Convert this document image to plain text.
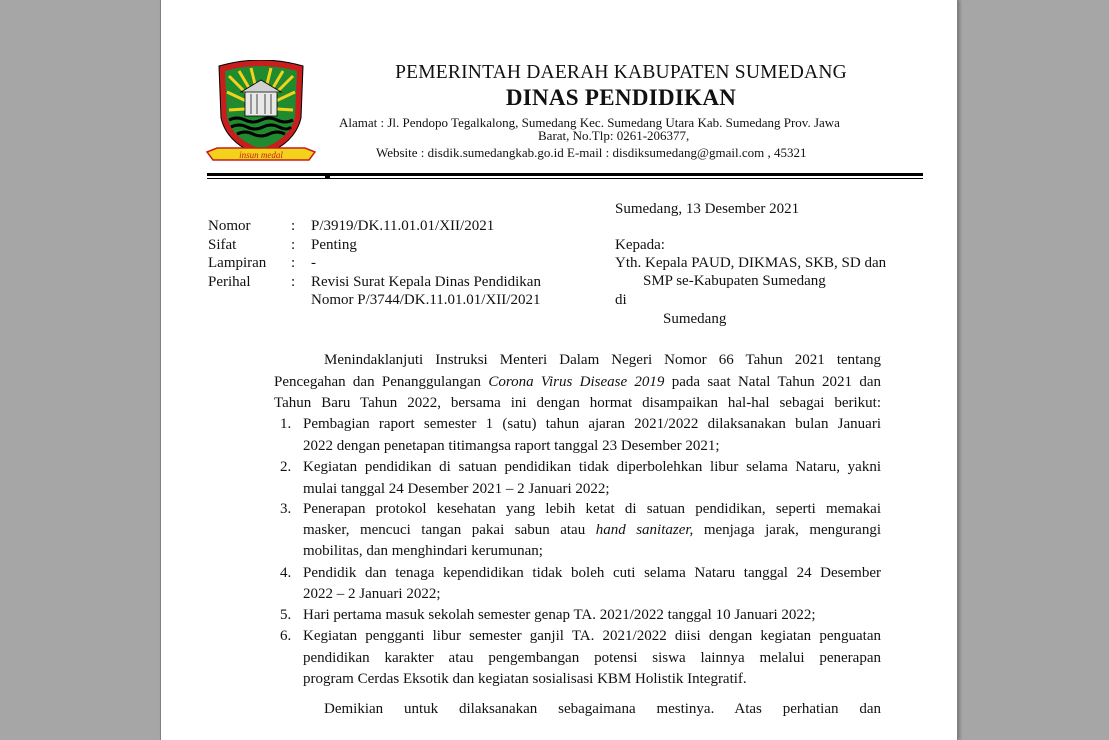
insun medal
PEMERINTAH DAERAH KABUPATEN SUMEDANG
DINAS PENDIDIKAN
Alamat : Jl. Pendopo Tegalkalong, Sumedang Kec. Sumedang Utara Kab. Sumedang Prov. Jawa
Barat, No.Tlp: 0261-206377,
Website : disdik.sumedangkab.go.id E-mail : disdiksumedang@gmail.com , 45321
Sumedang, 13 Desember 2021
Nomor	: P/3919/DK.11.01.01/XII/2021
Sifat	: Penting
Lampiran : -
Perihal	: Revisi Surat Kepala Dinas Pendidikan
Nomor P/3744/DK.11.01.01/XII/2021
Kepada:
Yth. Kepala PAUD, DIKMAS, SKB, SD dan
SMP se-Kabupaten Sumedang
di
Sumedang
Menindaklanjuti Instruksi Menteri Dalam Negeri Nomor 66 Tahun 2021 tentang
Pencegahan dan Penanggulangan Corona Virus Disease 2019 pada saat Natal Tahun 2021 dan
Tahun Baru Tahun 2022, bersama ini dengan hormat disampaikan hal-hal sebagai berikut:
1. Pembagian raport semester 1 (satu) tahun ajaran 2021/2022 dilaksanakan bulan Januari
2022 dengan penetapan titimangsa raport tanggal 23 Desember 2021;
2. Kegiatan pendidikan di satuan pendidikan tidak diperbolehkan libur selama Nataru, yakni
mulai tanggal 24 Desember 2021 – 2 Januari 2022;
3. Penerapan protokol kesehatan yang lebih ketat di satuan pendidikan, seperti memakai
masker, mencuci tangan pakai sabun atau hand sanitazer, menjaga jarak, mengurangi
mobilitas, dan menghindari kerumunan;
4. Pendidik dan tenaga kependidikan tidak boleh cuti selama Nataru tanggal 24 Desember
2022 – 2 Januari 2022;
5. Hari pertama masuk sekolah semester genap TA. 2021/2022 tanggal 10 Januari 2022;
6. Kegiatan pengganti libur semester ganjil TA. 2021/2022 diisi dengan kegiatan penguatan
pendidikan karakter atau pengembangan potensi siswa lainnya melalui penerapan
program Cerdas Eksotik dan kegiatan sosialisasi KBM Holistik Integratif.
Demikian untuk dilaksanakan sebagaimana mestinya. Atas perhatian dan
